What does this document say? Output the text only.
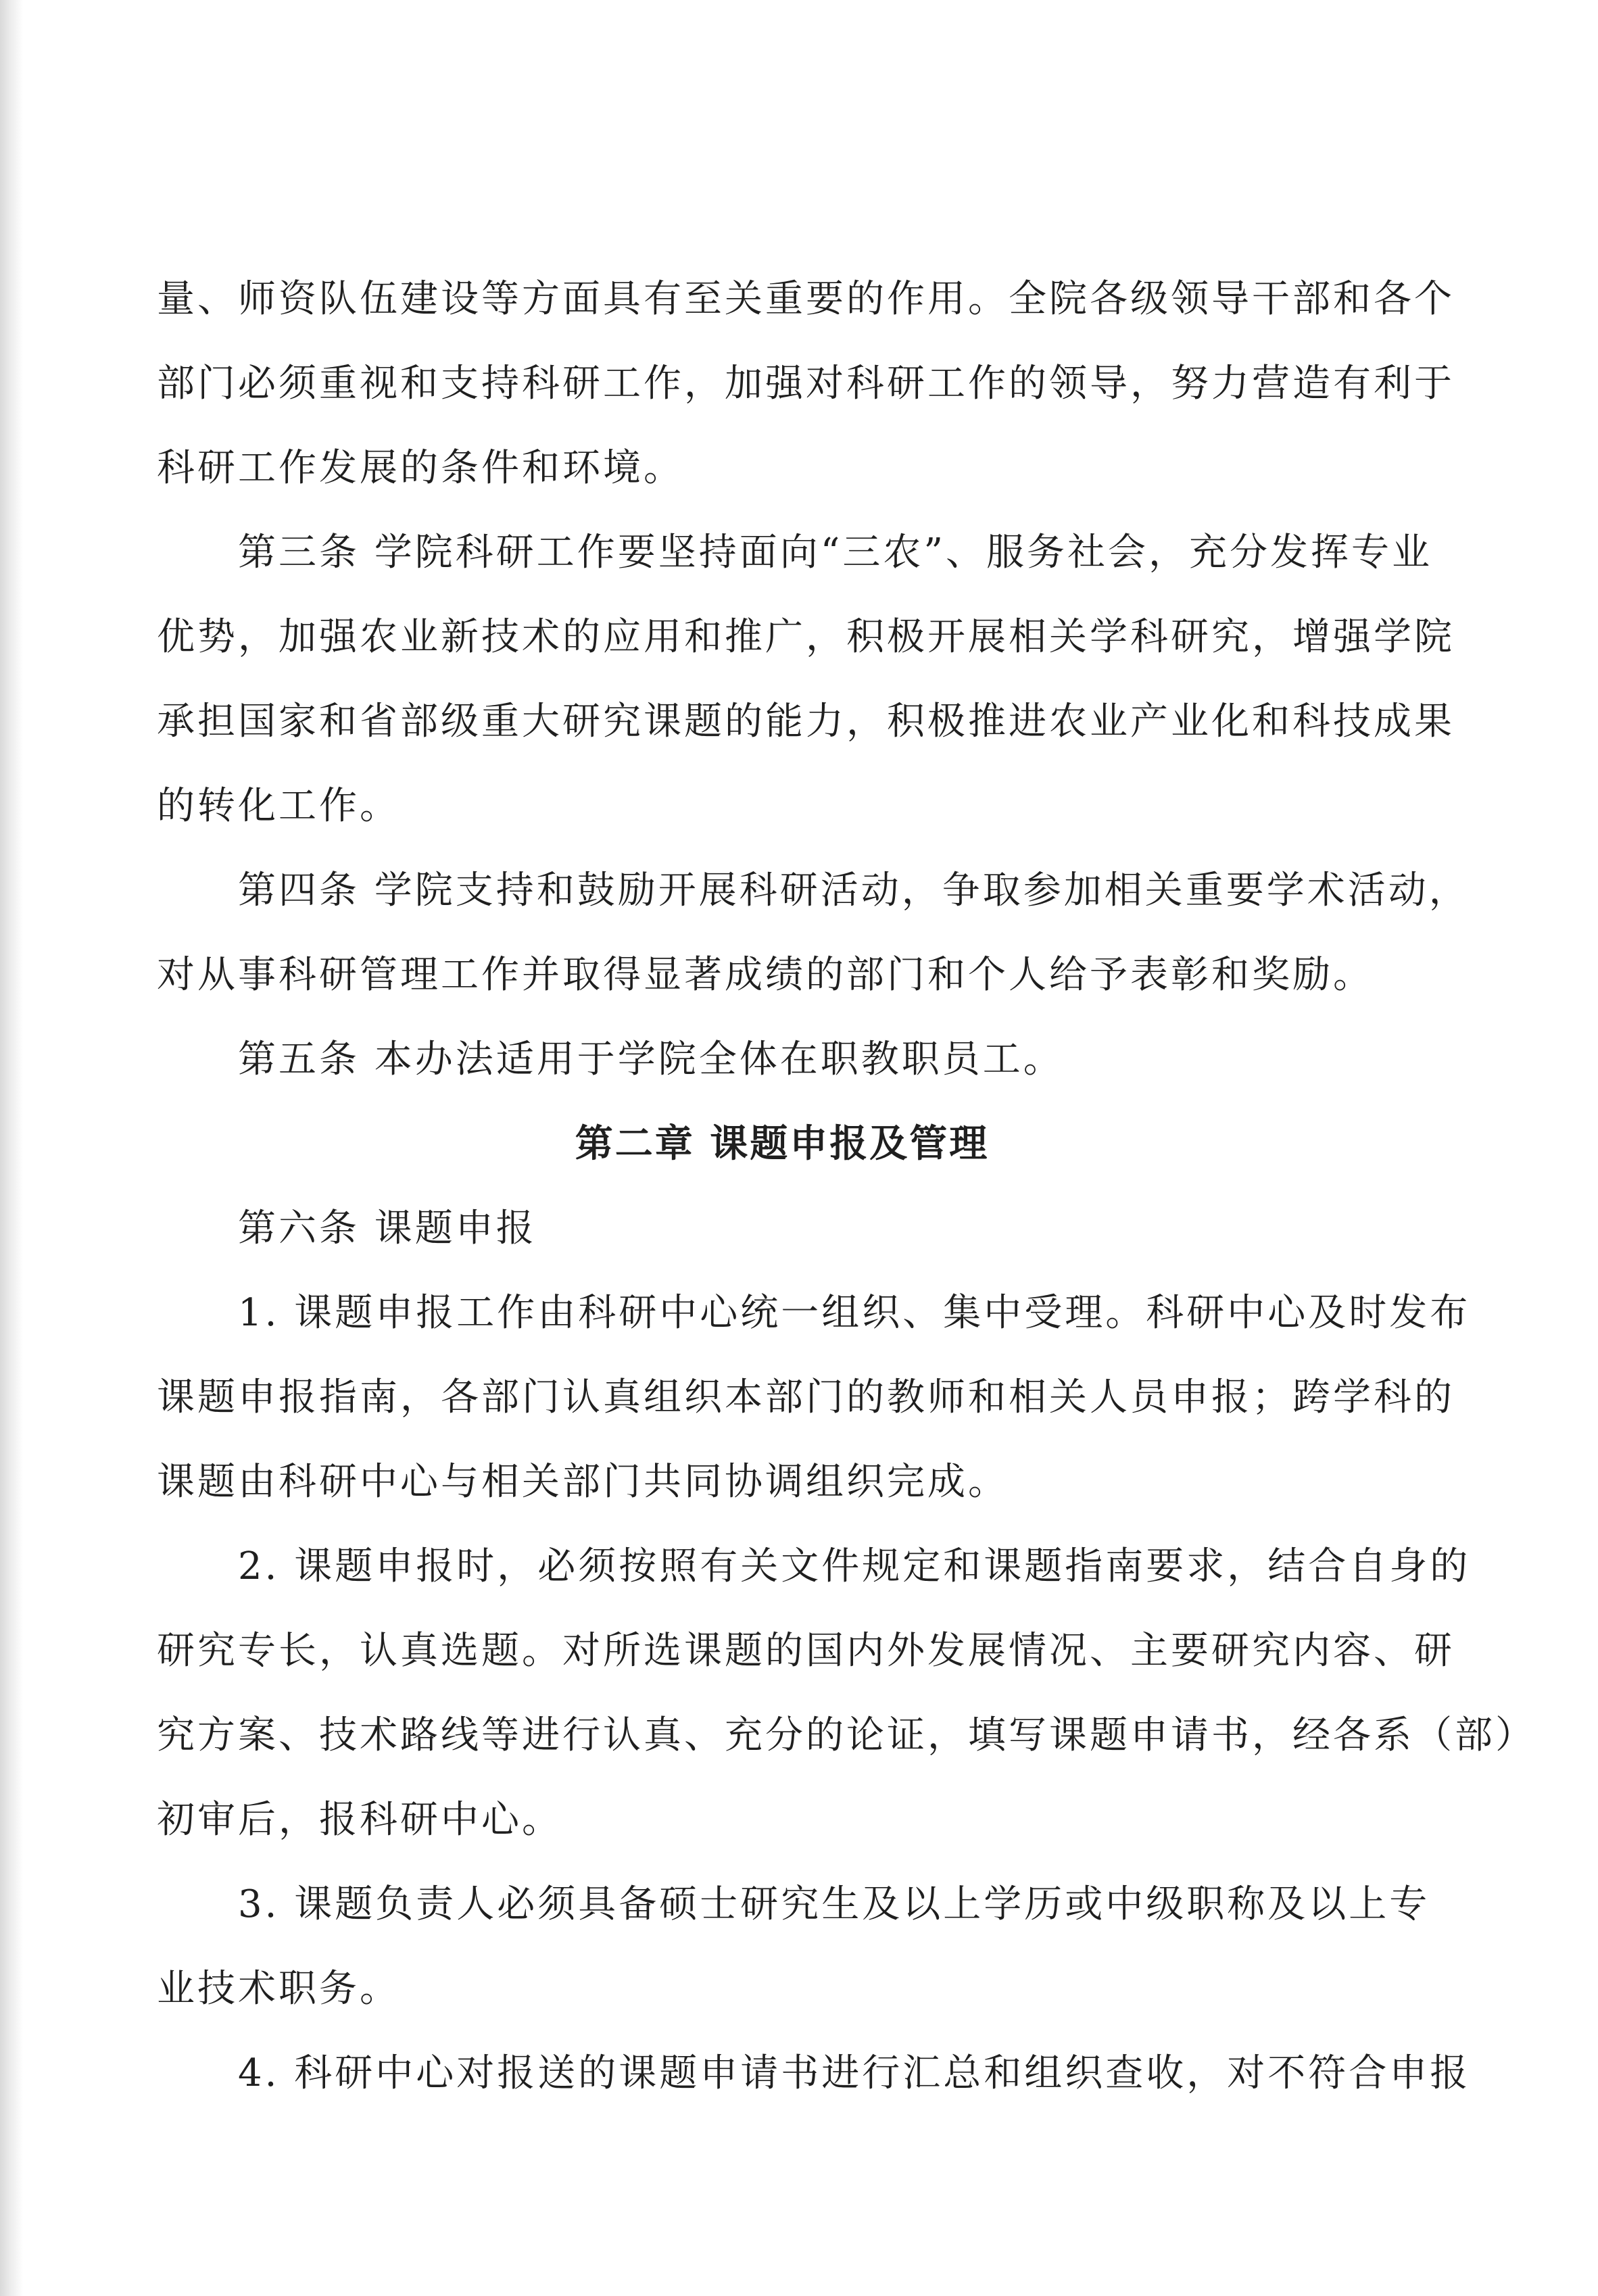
量、师资队伍建设等方面具有至关重要的作用。全院各级领导干部和各个
部门必须重视和支持科研工作，加强对科研工作的领导，努力营造有利于
科研工作发展的条件和环境。
第三条 学院科研工作要坚持面向“三农”、服务社会，充分发挥专业
优势，加强农业新技术的应用和推广，积极开展相关学科研究，增强学院
承担国家和省部级重大研究课题的能力，积极推进农业产业化和科技成果
的转化工作。
第四条 学院支持和鼓励开展科研活动，争取参加相关重要学术活动，
对从事科研管理工作并取得显著成绩的部门和个人给予表彰和奖励。
第五条 本办法适用于学院全体在职教职员工。
第二章 课题申报及管理
第六条 课题申报
1. 课题申报工作由科研中心统一组织、集中受理。科研中心及时发布
课题申报指南，各部门认真组织本部门的教师和相关人员申报；跨学科的
课题由科研中心与相关部门共同协调组织完成。
2. 课题申报时，必须按照有关文件规定和课题指南要求，结合自身的
研究专长，认真选题。对所选课题的国内外发展情况、主要研究内容、研
究方案、技术路线等进行认真、充分的论证，填写课题申请书，经各系（部）
初审后，报科研中心。
3. 课题负责人必须具备硕士研究生及以上学历或中级职称及以上专
业技术职务。
4. 科研中心对报送的课题申请书进行汇总和组织查收，对不符合申报
